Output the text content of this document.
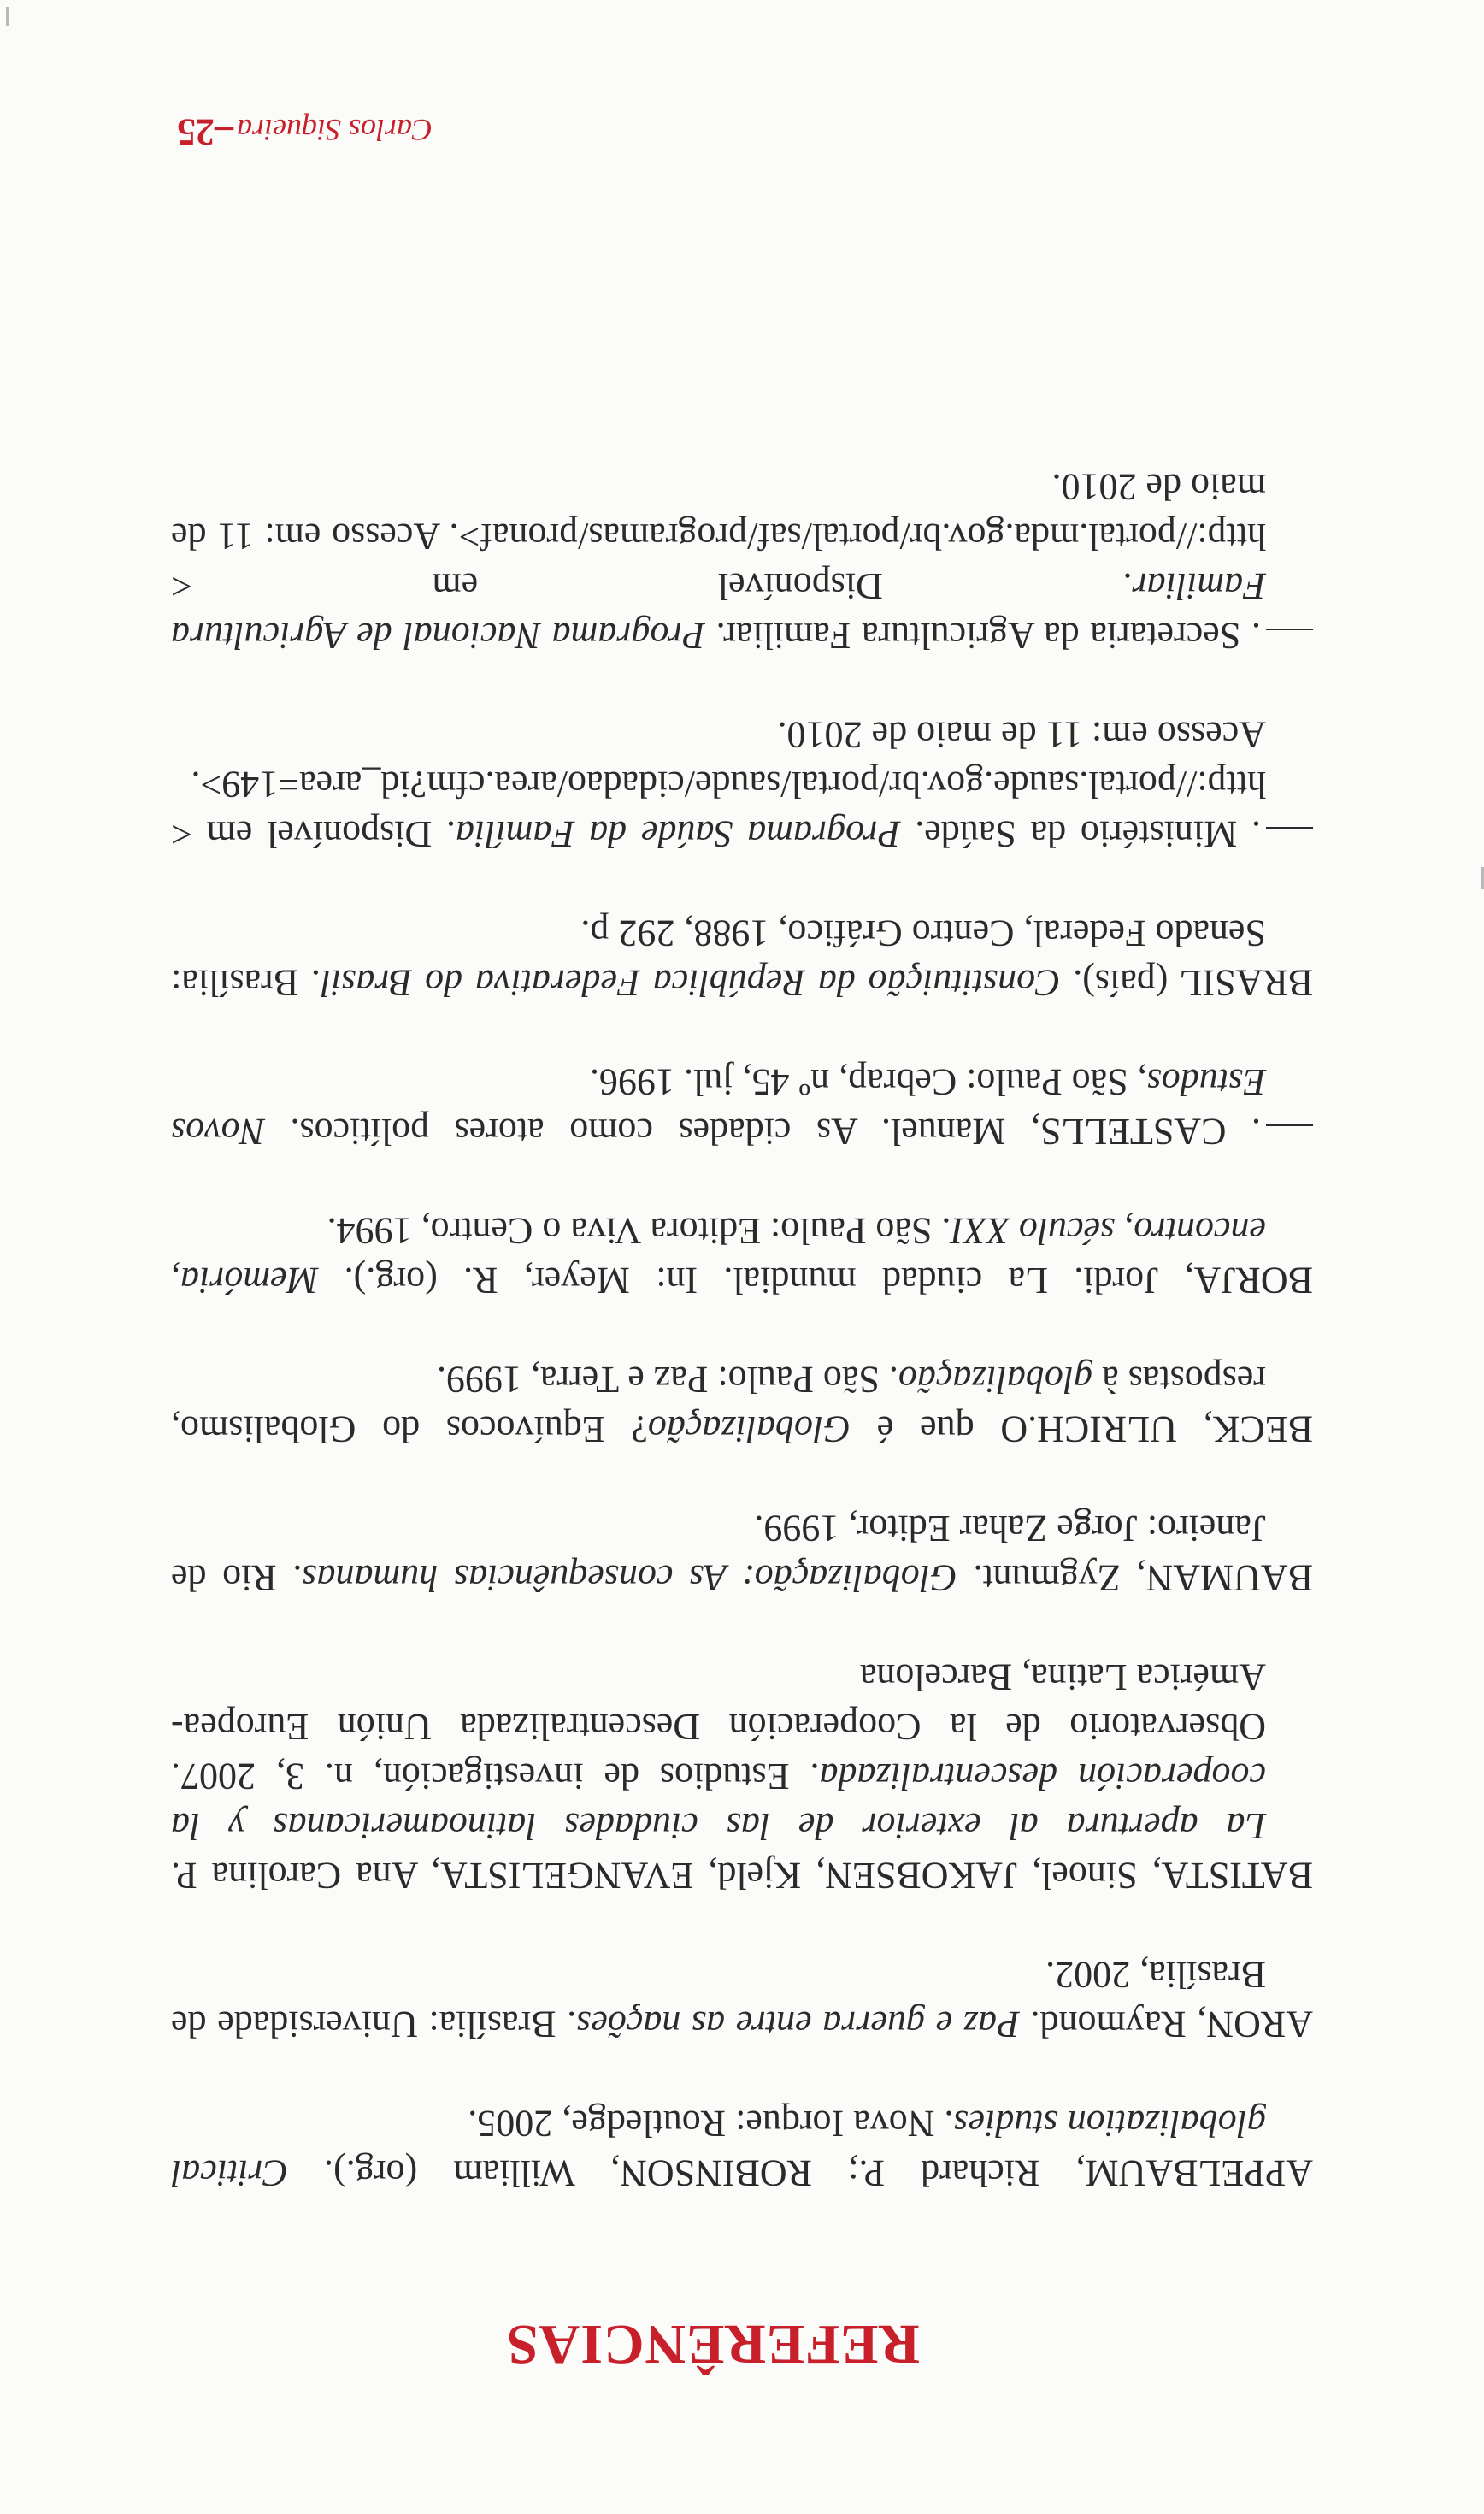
REFERÊNCIAS

APPELBAUM, Richard P.; ROBINSON, William (org.). Critical globalization studies. Nova Iorque: Routledge, 2005.

ARON, Raymond. Paz e guerra entre as nações. Brasília: Universidade de Brasília, 2002.

BATISTA, Sinoel, JAKOBSEN, Kjeld, EVANGELISTA, Ana Carolina P. La apertura al exterior de las ciudades latinoamericanas y la cooperación descentralizada. Estudios de investigación, n. 3, 2007. Observatorio de la Cooperación Descentralizada Unión Europea-América Latina, Barcelona

BAUMAN, Zygmunt. Globalização: As consequências humanas. Rio de Janeiro: Jorge Zahar Editor, 1999.

BECK, ULRICH.O que é Globalização? Equívocos do Globalismo, respostas à globalização. São Paulo: Paz e Terra, 1999.

BORJA, Jordi. La ciudad mundial. In: Meyer, R. (org.). Memória, encontro, século XXI. São Paulo: Editora Viva o Centro, 1994.

. CASTELLS, Manuel. As cidades como atores políticos. Novos Estudos, São Paulo: Cebrap, nº 45, jul. 1996.

BRASIL (país). Constituição da República Federativa do Brasil. Brasília: Senado Federal, Centro Gráfico, 1988, 292 p.

. Ministério da Saúde. Programa Saúde da Família. Disponível em < http://portal.saude.gov.br/portal/saude/cidadao/area.cfm?id_area=149>. Acesso em: 11 de maio de 2010.

. Secretaria da Agricultura Familiar. Programa Nacional de Agricultura Familiar. Disponível em < http://portal.mda.gov.br/portal/saf/programas/pronaf>. Acesso em: 11 de maio de 2010.

Carlos Siqueira–25
